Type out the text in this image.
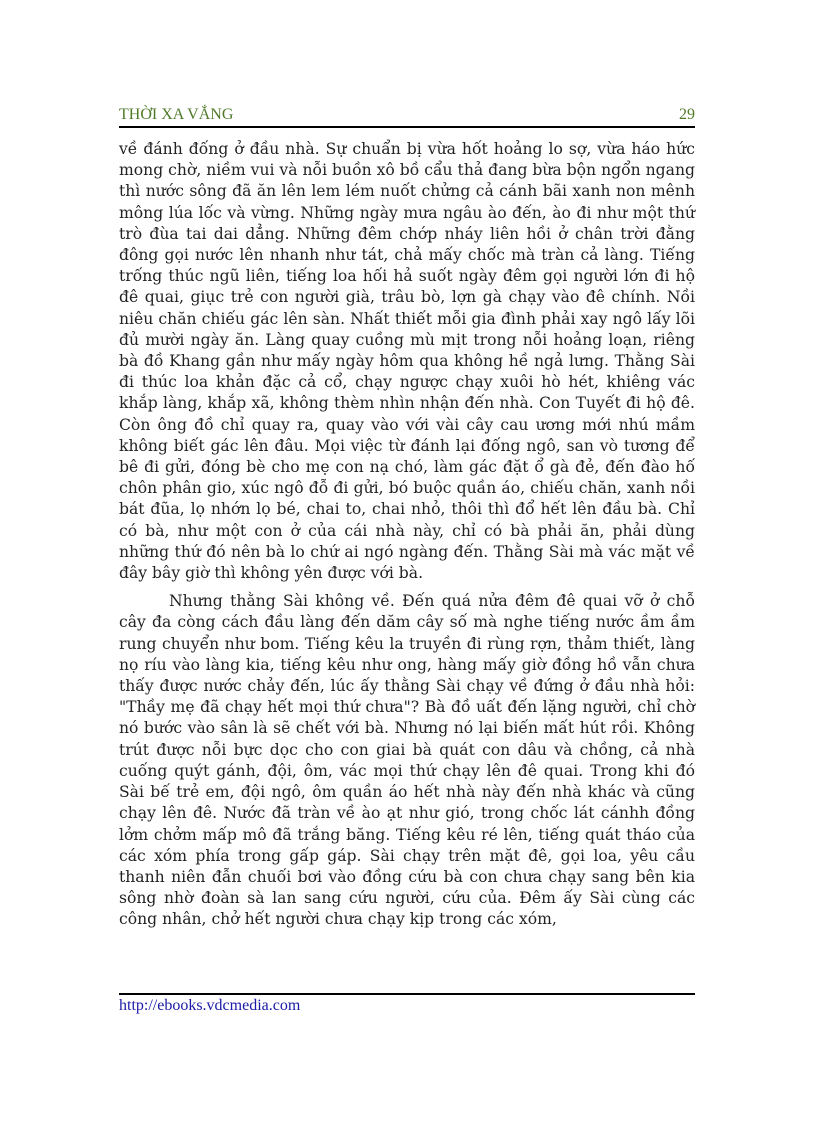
THỜI XA VẮNG	29

về đánh đống ở đầu nhà. Sự chuẩn bị vừa hốt hoảng lo sợ, vừa háo hức mong chờ, niềm vui và nỗi buồn xô bồ cẩu thả đang bừa bộn ngổn ngang thì nước sông đã ăn lên lem lém nuốt chửng cả cánh bãi xanh non mênh mông lúa lốc và vừng. Những ngày mưa ngâu ào đến, ào đi như một thứ trò đùa tai dai dẳng. Những đêm chớp nháy liên hồi ở chân trời đằng đông gọi nước lên nhanh như tát, chả mấy chốc mà tràn cả làng. Tiếng trống thúc ngũ liên, tiếng loa hối hả suốt ngày đêm gọi người lớn đi hộ đê quai, giục trẻ con người già, trâu bò, lợn gà chạy vào đê chính. Nồi niêu chăn chiếu gác lên sàn. Nhất thiết mỗi gia đình phải xay ngô lấy lõi đủ mười ngày ăn. Làng quay cuồng mù mịt trong nỗi hoảng loạn, riêng bà đồ Khang gần như mấy ngày hôm qua không hề ngả lưng. Thằng Sài đi thúc loa khản đặc cả cổ, chạy ngược chạy xuôi hò hét, khiêng vác khắp làng, khắp xã, không thèm nhìn nhận đến nhà. Con Tuyết đi hộ đê. Còn ông đồ chỉ quay ra, quay vào với vài cây cau ương mới nhú mầm không biết gác lên đâu. Mọi việc từ đánh lại đống ngô, san vò tương để bê đi gửi, đóng bè cho mẹ con nạ chó, làm gác đặt ổ gà đẻ, đến đào hố chôn phân gio, xúc ngô đỗ đi gửi, bó buộc quần áo, chiếu chăn, xanh nồi bát đũa, lọ nhớn lọ bé, chai to, chai nhỏ, thôi thì đổ hết lên đầu bà. Chỉ có bà, như một con ở của cái nhà này, chỉ có bà phải ăn, phải dùng những thứ đó nên bà lo chứ ai ngó ngàng đến. Thằng Sài mà vác mặt về đây bây giờ thì không yên được với bà.

Nhưng thằng Sài không về. Đến quá nửa đêm đê quai vỡ ở chỗ cây đa còng cách đầu làng đến dăm cây số mà nghe tiếng nước ầm ầm rung chuyển như bom. Tiếng kêu la truyền đi rùng rợn, thảm thiết, làng nọ ríu vào làng kia, tiếng kêu như ong, hàng mấy giờ đồng hồ vẫn chưa thấy được nước chảy đến, lúc ấy thằng Sài chạy về đứng ở đầu nhà hỏi: "Thầy mẹ đã chạy hết mọi thứ chưa"? Bà đồ uất đến lặng người, chỉ chờ nó bước vào sân là sẽ chết với bà. Nhưng nó lại biến mất hút rồi. Không trút được nỗi bực dọc cho con giai bà quát con dâu và chồng, cả nhà cuống quýt gánh, đội, ôm, vác mọi thứ chạy lên đê quai. Trong khi đó Sài bế trẻ em, đội ngô, ôm quần áo hết nhà này đến nhà khác và cũng chạy lên đê. Nước đã tràn về ào ạt như gió, trong chốc lát cánhh đồng lởm chởm mấp mô đã trắng băng. Tiếng kêu ré lên, tiếng quát tháo của các xóm phía trong gấp gáp. Sài chạy trên mặt đê, gọi loa, yêu cầu thanh niên đẫn chuối bơi vào đồng cứu bà con chưa chạy sang bên kia sông nhờ đoàn sà lan sang cứu người, cứu của. Đêm ấy Sài cùng các công nhân, chở hết người chưa chạy kịp trong các xóm,

http://ebooks.vdcmedia.com
